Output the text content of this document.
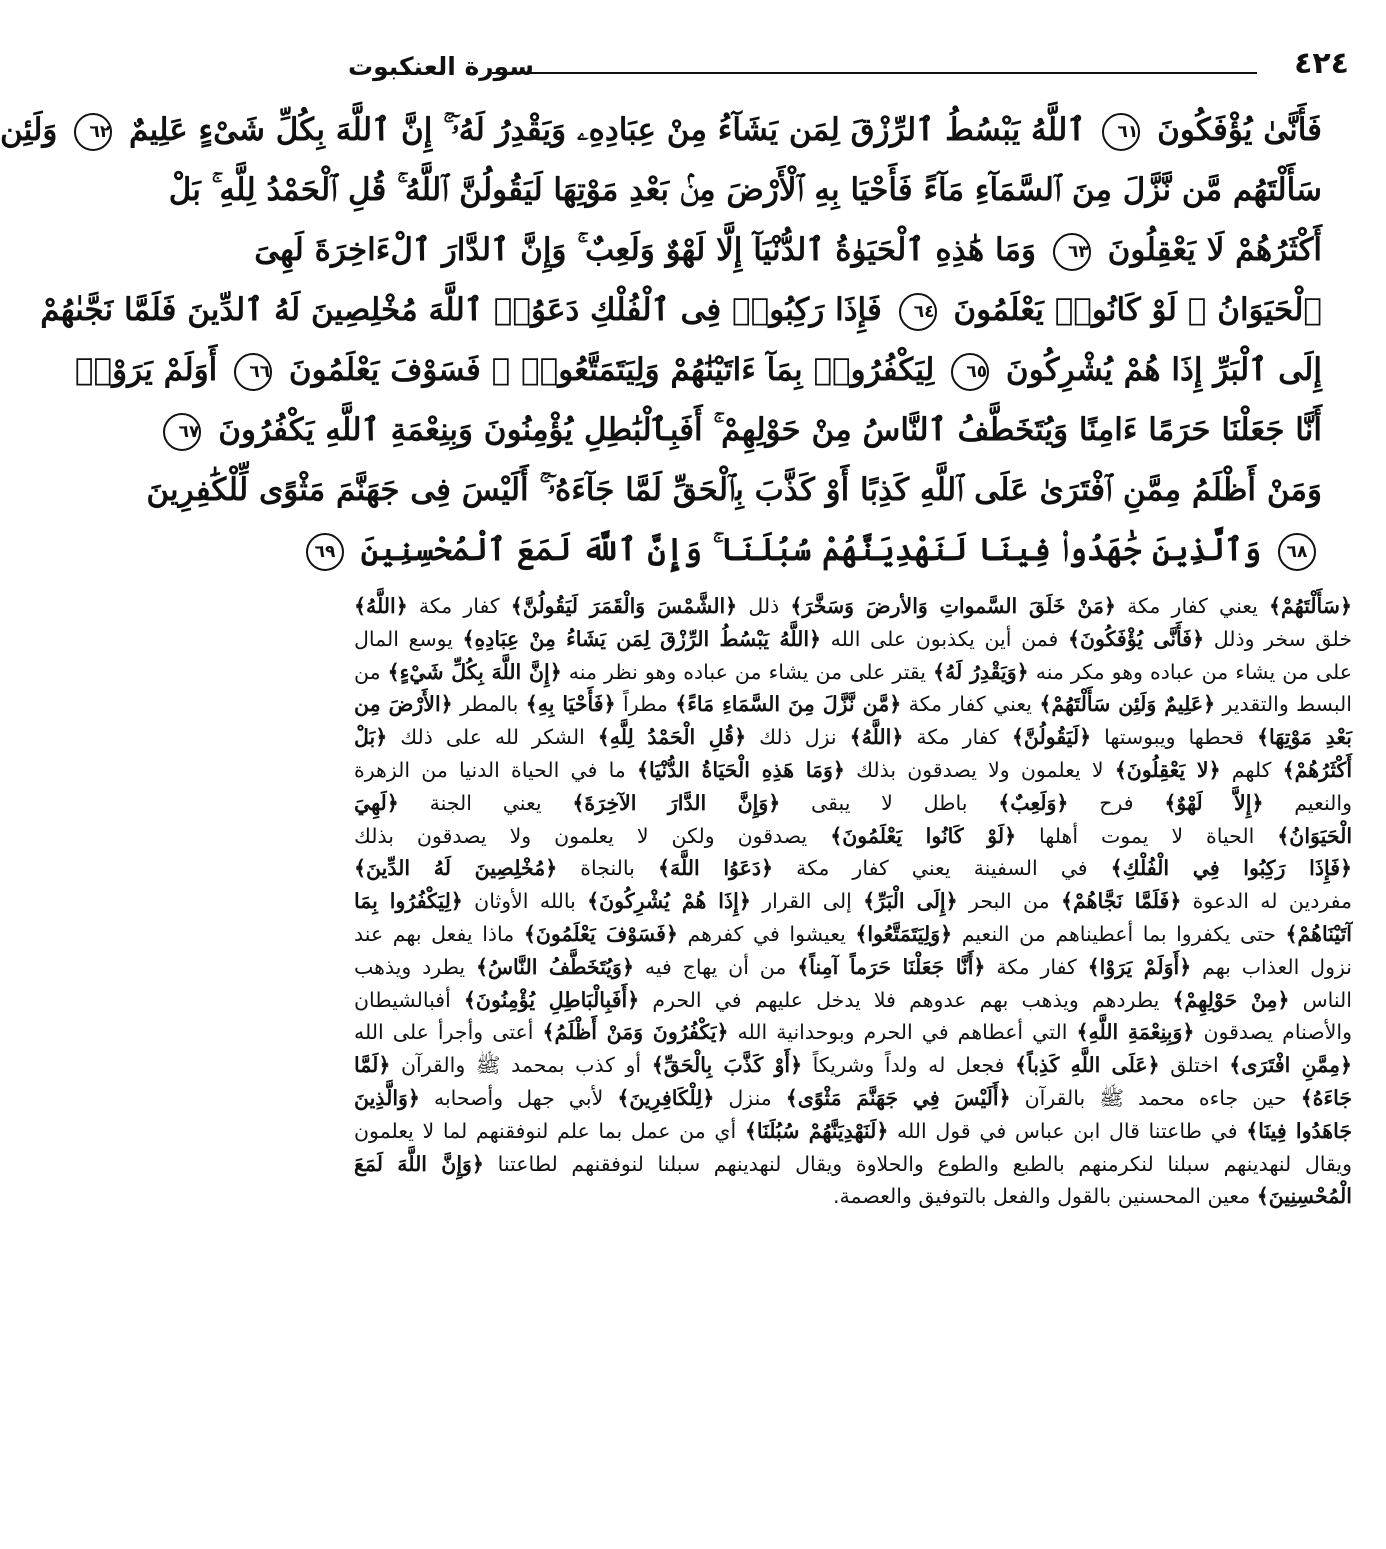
٤٢٤
سورة العنكبوت
فَأَنَّىٰ يُؤْفَكُونَ ٦١ ٱللَّهُ يَبْسُطُ ٱلرِّزْقَ لِمَن يَشَآءُ مِنْ عِبَادِهِۦ وَيَقْدِرُ لَهُۥٓ ۚ إِنَّ ٱللَّهَ بِكُلِّ شَىْءٍ عَلِيمٌ ٦٢ وَلَئِن
سَأَلْتَهُم مَّن نَّزَّلَ مِنَ ٱلسَّمَآءِ مَآءً فَأَحْيَا بِهِ ٱلْأَرْضَ مِنۢ بَعْدِ مَوْتِهَا لَيَقُولُنَّ ٱللَّهُ ۚ قُلِ ٱلْحَمْدُ لِلَّهِ ۚ بَلْ
أَكْثَرُهُمْ لَا يَعْقِلُونَ ٦٣ وَمَا هَٰذِهِ ٱلْحَيَوٰةُ ٱلدُّنْيَآ إِلَّا لَهْوٌ وَلَعِبٌ ۚ وَإِنَّ ٱلدَّارَ ٱلْءَاخِرَةَ لَهِىَ
ٱلْحَيَوَانُ ۚ لَوْ كَانُوا۟ يَعْلَمُونَ ٦٤ فَإِذَا رَكِبُوا۟ فِى ٱلْفُلْكِ دَعَوُا۟ ٱللَّهَ مُخْلِصِينَ لَهُ ٱلدِّينَ فَلَمَّا نَجَّىٰهُمْ
إِلَى ٱلْبَرِّ إِذَا هُمْ يُشْرِكُونَ ٦٥ لِيَكْفُرُوا۟ بِمَآ ءَاتَيْنَٰهُمْ وَلِيَتَمَتَّعُوا۟ ۖ فَسَوْفَ يَعْلَمُونَ ٦٦ أَوَلَمْ يَرَوْا۟
أَنَّا جَعَلْنَا حَرَمًا ءَامِنًا وَيُتَخَطَّفُ ٱلنَّاسُ مِنْ حَوْلِهِمْ ۚ أَفَبِٱلْبَٰطِلِ يُؤْمِنُونَ وَبِنِعْمَةِ ٱللَّهِ يَكْفُرُونَ ٦٧
وَمَنْ أَظْلَمُ مِمَّنِ ٱفْتَرَىٰ عَلَى ٱللَّهِ كَذِبًا أَوْ كَذَّبَ بِٱلْحَقِّ لَمَّا جَآءَهُۥٓ ۚ أَلَيْسَ فِى جَهَنَّمَ مَثْوًى لِّلْكَٰفِرِينَ
٦٨ وَٱلَّذِينَ جَٰهَدُوا۟ فِينَا لَنَهْدِيَنَّهُمْ سُبُلَنَا ۚ وَإِنَّ ٱللَّهَ لَمَعَ ٱلْمُحْسِنِينَ ٦٩
﴿سَأَلْتَهُمْ﴾ يعني كفار مكة ﴿مَنْ خَلَقَ السَّمواتِ وَالأرضَ وَسَخَّرَ﴾ ذلل ﴿الشَّمْسَ وَالْقَمَرَ لَيَقُولُنَّ﴾ كفار مكة ﴿اللَّهُ﴾
خلق سخر وذلل ﴿فَأَنَّى يُؤْفَكُونَ﴾ فمن أين يكذبون على الله ﴿اللَّهُ يَبْسُطُ الرِّزْقَ لِمَن يَشَاءُ مِنْ عِبَادِهِ﴾ يوسع المال
على من يشاء من عباده وهو مكر منه ﴿وَيَقْدِرُ لَهُ﴾ يقتر على من يشاء من عباده وهو نظر منه ﴿إِنَّ اللَّهَ بِكُلِّ شَيْءٍ﴾ من
البسط والتقدير ﴿عَلِيمٌ وَلَئِن سَأَلْتَهُمْ﴾ يعني كفار مكة ﴿مَّن نَّزَّلَ مِنَ السَّمَاءِ مَاءً﴾ مطراً ﴿فَأَحْيَا بِهِ﴾ بالمطر ﴿الأَرْضَ مِن
بَعْدِ مَوْتِهَا﴾ قحطها ويبوستها ﴿لَيَقُولُنَّ﴾ كفار مكة ﴿اللَّهُ﴾ نزل ذلك ﴿قُلِ الْحَمْدُ لِلَّهِ﴾ الشكر لله على ذلك ﴿بَلْ
أَكْثَرُهُمْ﴾ كلهم ﴿لا يَعْقِلُونَ﴾ لا يعلمون ولا يصدقون بذلك ﴿وَمَا هَذِهِ الْحَيَاةُ الدُّنْيَا﴾ ما في الحياة الدنيا من الزهرة
والنعيم ﴿إِلاَّ لَهْوٌ﴾ فرح ﴿وَلَعِبٌ﴾ باطل لا يبقى ﴿وَإِنَّ الدَّارَ الآخِرَةَ﴾ يعني الجنة ﴿لَهِيَ
الْحَيَوَانُ﴾ الحياة لا يموت أهلها ﴿لَوْ كَانُوا يَعْلَمُونَ﴾ يصدقون ولكن لا يعلمون ولا يصدقون بذلك
﴿فَإِذَا رَكِبُوا فِي الْفُلْكِ﴾ في السفينة يعني كفار مكة ﴿دَعَوُا اللَّهَ﴾ بالنجاة ﴿مُخْلِصِينَ لَهُ الدِّينَ﴾
مفردين له الدعوة ﴿فَلَمَّا نَجَّاهُمْ﴾ من البحر ﴿إِلَى الْبَرِّ﴾ إلى القرار ﴿إِذَا هُمْ يُشْرِكُونَ﴾ بالله الأوثان ﴿لِيَكْفُرُوا بِمَا
آتَيْنَاهُمْ﴾ حتى يكفروا بما أعطيناهم من النعيم ﴿وَلِيَتَمَتَّعُوا﴾ يعيشوا في كفرهم ﴿فَسَوْفَ يَعْلَمُونَ﴾ ماذا يفعل بهم عند
نزول العذاب بهم ﴿أَوَلَمْ يَرَوْا﴾ كفار مكة ﴿أَنَّا جَعَلْنَا حَرَماً آمِناً﴾ من أن يهاج فيه ﴿وَيُتَخَطَّفُ النَّاسُ﴾ يطرد ويذهب
الناس ﴿مِنْ حَوْلِهِمْ﴾ يطردهم ويذهب بهم عدوهم فلا يدخل عليهم في الحرم ﴿أَفَبِالْبَاطِلِ يُؤْمِنُونَ﴾ أفبالشيطان
والأصنام يصدقون ﴿وَبِنِعْمَةِ اللَّهِ﴾ التي أعطاهم في الحرم وبوحدانية الله ﴿يَكْفُرُونَ وَمَنْ أَظْلَمُ﴾ أعتى وأجرأ على الله
﴿مِمَّنِ افْتَرَى﴾ اختلق ﴿عَلَى اللَّهِ كَذِباً﴾ فجعل له ولداً وشريكاً ﴿أَوْ كَذَّبَ بِالْحَقِّ﴾ أو كذب بمحمد ﷺ والقرآن ﴿لَمَّا
جَاءَهُ﴾ حين جاءه محمد ﷺ بالقرآن ﴿أَلَيْسَ فِي جَهَنَّمَ مَثْوًى﴾ منزل ﴿لِلْكَافِرِينَ﴾ لأبي جهل وأصحابه ﴿وَالَّذِينَ
جَاهَدُوا فِينَا﴾ في طاعتنا قال ابن عباس في قول الله ﴿لَنَهْدِيَنَّهُمْ سُبُلَنَا﴾ أي من عمل بما علم لنوفقنهم لما لا يعلمون
ويقال لنهدينهم سبلنا لنكرمنهم بالطبع والطوع والحلاوة ويقال لنهدينهم سبلنا لنوفقنهم لطاعتنا ﴿وَإِنَّ اللَّهَ لَمَعَ
الْمُحْسِنِينَ﴾ معين المحسنين بالقول والفعل بالتوفيق والعصمة.
